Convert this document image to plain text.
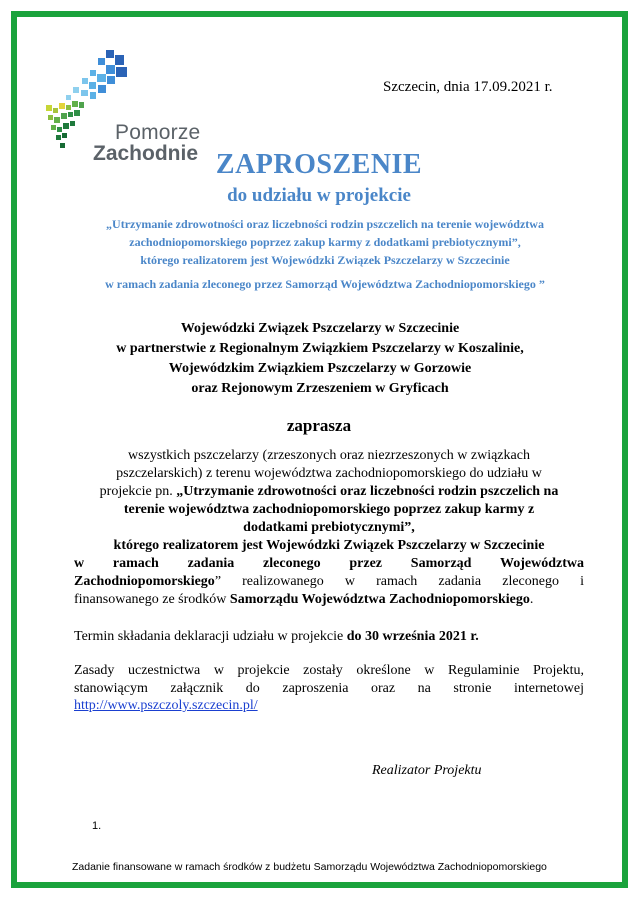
Szczecin, dnia 17.09.2021 r.
Pomorze
Zachodnie ZAPROSZENIE
do udziału w projekcie
„Utrzymanie zdrowotności oraz liczebności rodzin pszczelich na terenie województwa
zachodniopomorskiego poprzez zakup karmy z dodatkami prebiotycznymi”,
którego realizatorem jest Wojewódzki Związek Pszczelarzy w Szczecinie
w ramach zadania zleconego przez Samorząd Województwa Zachodniopomorskiego ”
Wojewódzki Związek Pszczelarzy w Szczecinie
w partnerstwie z Regionalnym Związkiem Pszczelarzy w Koszalinie,
Wojewódzkim Związkiem Pszczelarzy w Gorzowie
oraz Rejonowym Zrzeszeniem w Gryficach
zaprasza
wszystkich pszczelarzy (zrzeszonych oraz niezrzeszonych w związkach
pszczelarskich) z terenu województwa zachodniopomorskiego do udziału w
projekcie pn. „Utrzymanie zdrowotności oraz liczebności rodzin pszczelich na
terenie województwa zachodniopomorskiego poprzez zakup karmy z
dodatkami prebiotycznymi”,
którego realizatorem jest Wojewódzki Związek Pszczelarzy w Szczecinie
w ramach zadania zleconego przez Samorząd Województwa
Zachodniopomorskiego” realizowanego w ramach zadania zleconego i
finansowanego ze środków Samorządu Województwa Zachodniopomorskiego.
Termin składania deklaracji udziału w projekcie do 30 września 2021 r.
Zasady uczestnictwa w projekcie zostały określone w Regulaminie Projektu,
stanowiącym załącznik do zaproszenia oraz na stronie internetowej
http://www.pszczoly.szczecin.pl/
Realizator Projektu
1.
Zadanie finansowane w ramach środków z budżetu Samorządu Województwa Zachodniopomorskiego
